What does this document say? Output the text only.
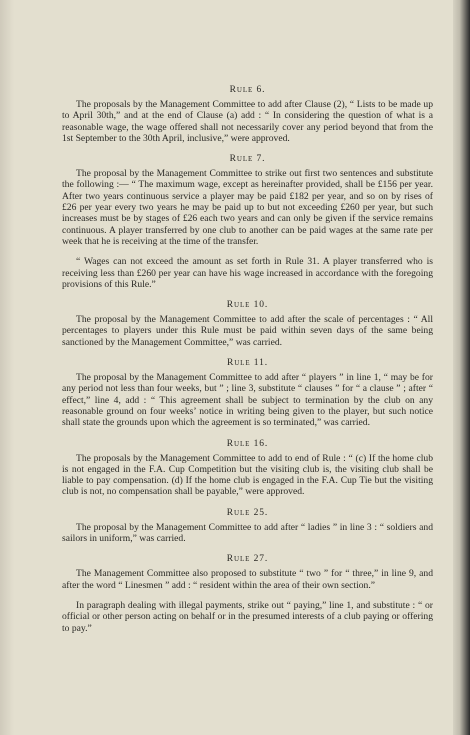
Rule 6.

The proposals by the Management Committee to add after Clause (2), “ Lists to be made up to April 30th,” and at the end of Clause (a) add : “ In considering the question of what is a reasonable wage, the wage offered shall not necessarily cover any period beyond that from the 1st September to the 30th April, inclusive,” were approved.

Rule 7.

The proposal by the Management Committee to strike out first two sentences and substitute the following :— “ The maximum wage, except as hereinafter provided, shall be £156 per year. After two years continuous service a player may be paid £182 per year, and so on by rises of £26 per year every two years he may be paid up to but not exceeding £260 per year, but such increases must be by stages of £26 each two years and can only be given if the service remains continuous. A player transferred by one club to another can be paid wages at the same rate per week that he is receiving at the time of the transfer.

“ Wages can not exceed the amount as set forth in Rule 31. A player transferred who is receiving less than £260 per year can have his wage increased in accordance with the foregoing provisions of this Rule.”

Rule 10.

The proposal by the Management Committee to add after the scale of percentages : “ All percentages to players under this Rule must be paid within seven days of the same being sanctioned by the Management Committee,” was carried.

Rule 11.

The proposal by the Management Committee to add after “ players ” in line 1, “ may be for any period not less than four weeks, but ” ; line 3, substitute “ clauses ” for “ a clause ” ; after “ effect,” line 4, add : “ This agreement shall be subject to termination by the club on any reasonable ground on four weeks’ notice in writing being given to the player, but such notice shall state the grounds upon which the agreement is so terminated,” was carried.

Rule 16.

The proposals by the Management Committee to add to end of Rule : “ (c) If the home club is not engaged in the F.A. Cup Competition but the visiting club is, the visiting club shall be liable to pay compensation. (d) If the home club is engaged in the F.A. Cup Tie but the visiting club is not, no compensation shall be payable,” were approved.

Rule 25.

The proposal by the Management Committee to add after “ ladies ” in line 3 : “ soldiers and sailors in uniform,” was carried.

Rule 27.

The Management Committee also proposed to substitute “ two ” for “ three,” in line 9, and after the word “ Linesmen ” add : “ resident within the area of their own section.”

In paragraph dealing with illegal payments, strike out “ paying,” line 1, and substitute : “ or official or other person acting on behalf or in the presumed interests of a club paying or offering to pay.”
